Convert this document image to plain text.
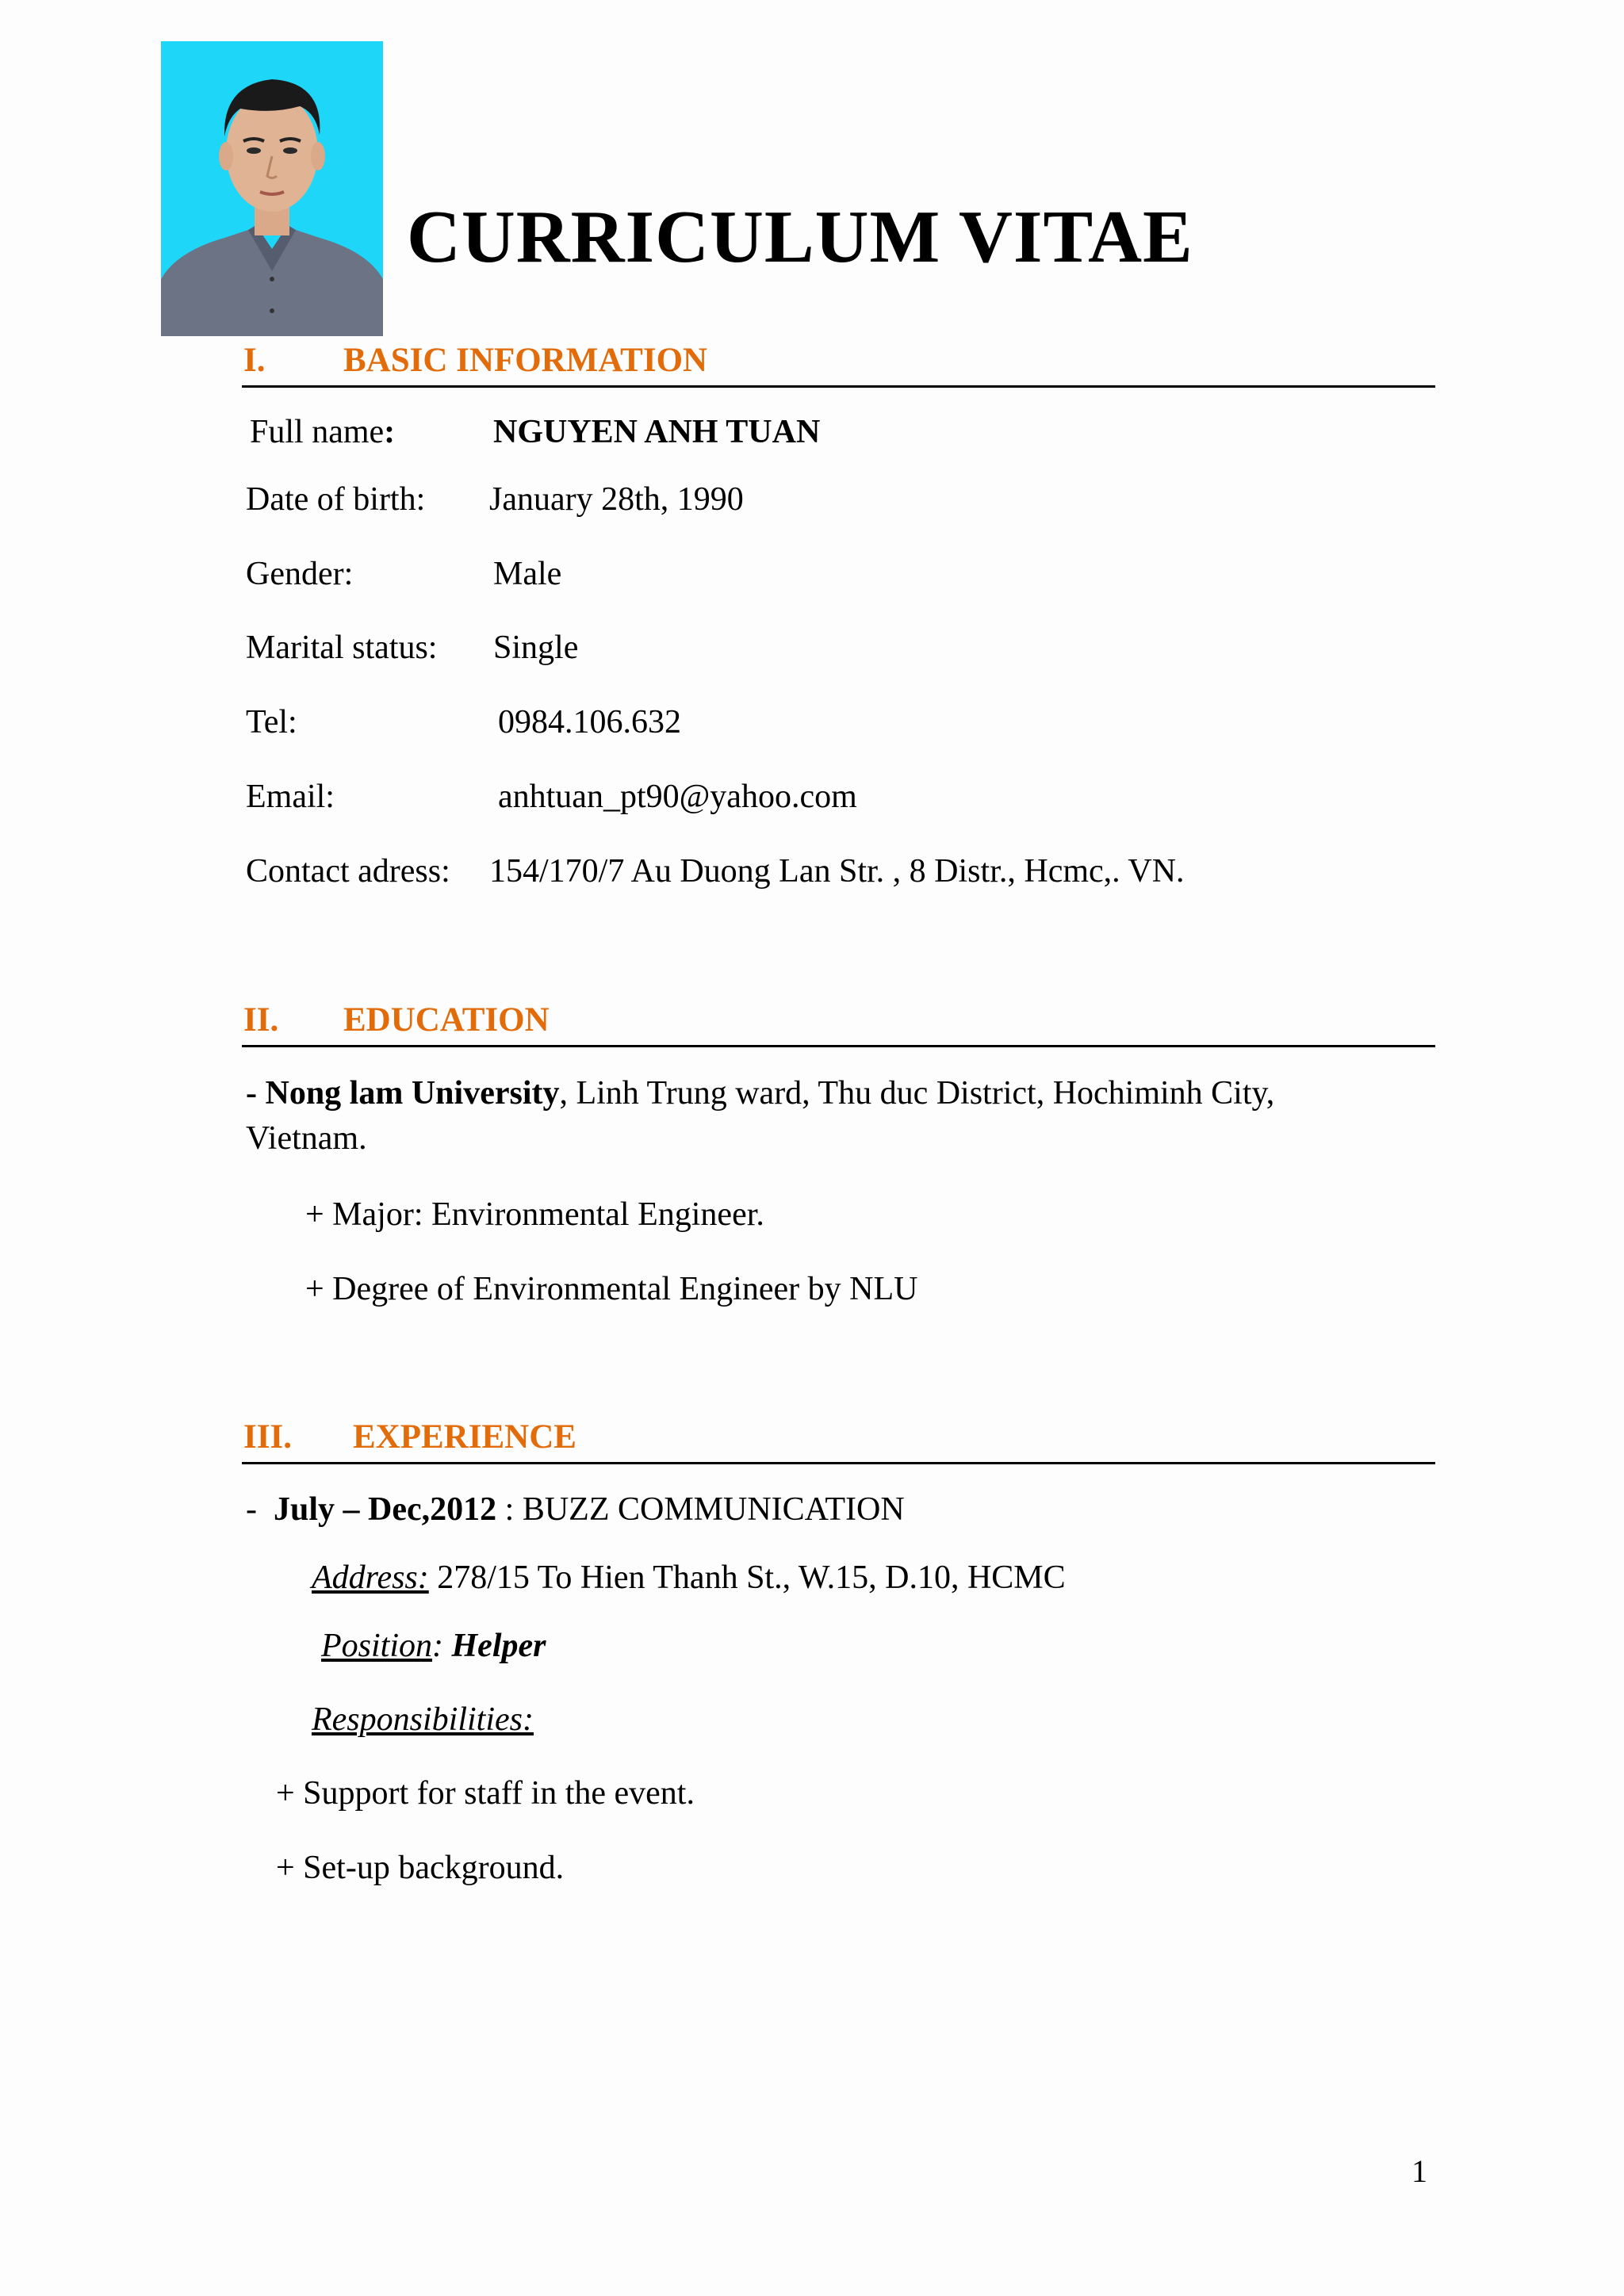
CURRICULUM VITAE
I. BASIC INFORMATION
Full name:	NGUYEN ANH TUAN
Date of birth: January 28th, 1990
Gender:	Male
Marital status: Single
Tel:	0984.106.632
Email:	anhtuan_pt90@yahoo.com
Contact adress: 154/170/7 Au Duong Lan Str. , 8 Distr., Hcmc,. VN.
II. EDUCATION
- Nong lam University, Linh Trung ward, Thu duc District, Hochiminh City,
Vietnam.
+ Major: Environmental Engineer.
+ Degree of Environmental Engineer by NLU
III. EXPERIENCE
- July – Dec,2012 : BUZZ COMMUNICATION
Address: 278/15 To Hien Thanh St., W.15, D.10, HCMC
Position: Helper
Responsibilities:
+ Support for staff in the event.
+ Set-up background.
1
